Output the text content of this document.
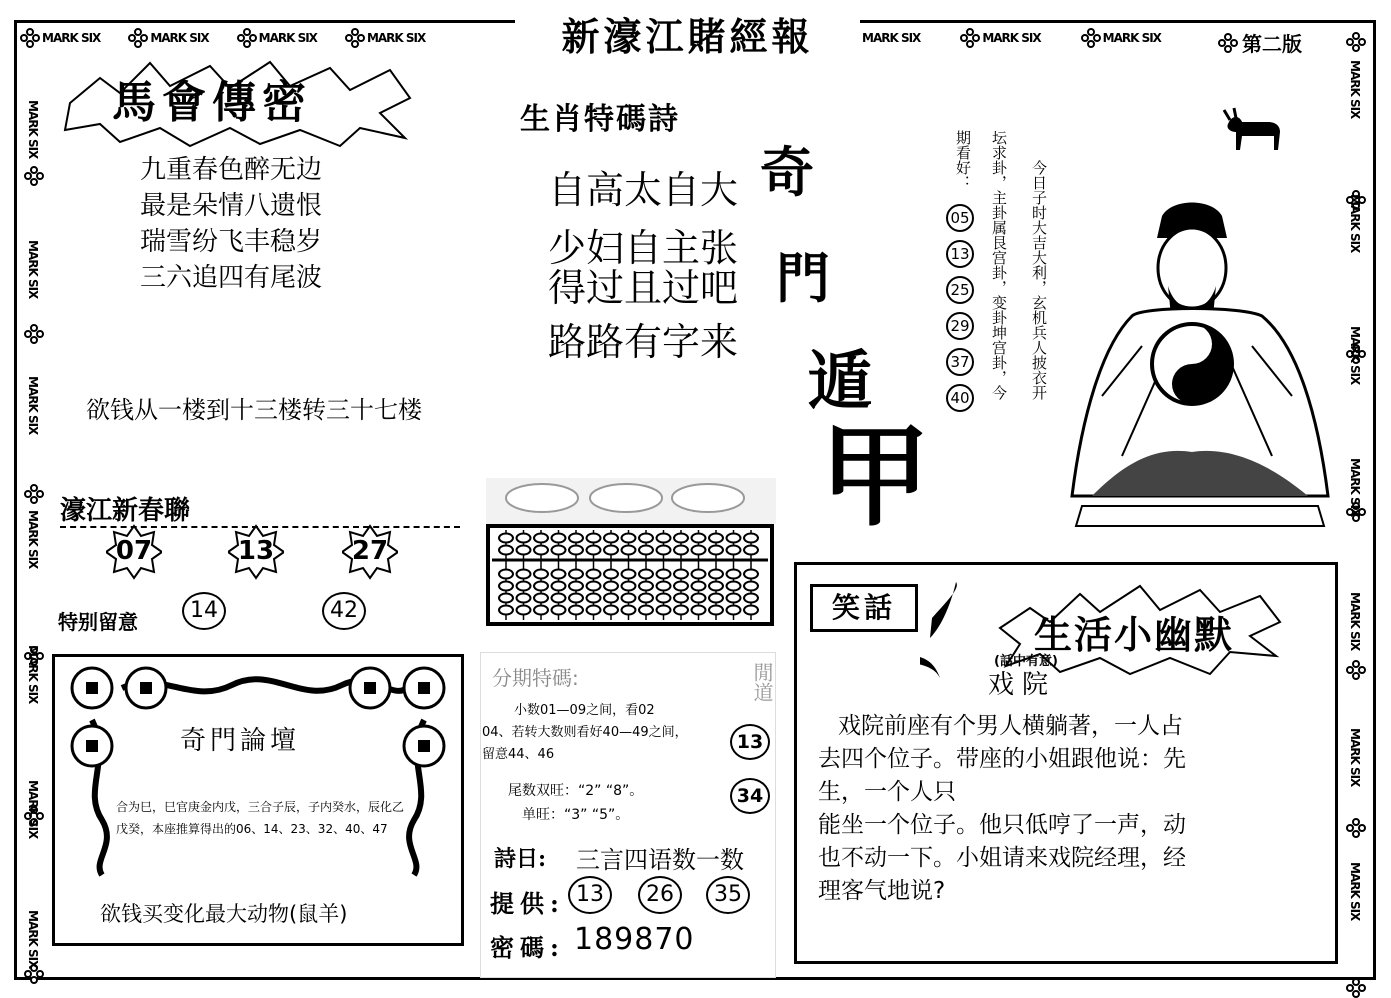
MARK SIX	MARK SIX	MARK SIX	MARK SIX	MARK SIX	MARK SIX	MARK SIX	第二版
新濠江賭經報
MARK SIX

MARK SIX

MARK SIX

MARK SIX

MARK SIX

MARK SIX
MARK SIX

MARK SIX

MARK SIX

MARK SIX

MARK SIX

MARK SIX

MARK SIX
MARK SIX
馬會傳密
九重春色醉无边
最是朵情八遗恨
瑞雪纷飞丰稳岁
三六追四有尾波
欲钱从一楼到十三楼转三十七楼
濠江新春聯
07	13	27
特别留意	14	42
奇門論壇
合为巳，巳官庚金内戊，三合子辰，子内癸水，辰化乙戊癸，本座推算得出的06、14、23、32、40、47
欲钱买变化最大动物(鼠羊)
生肖特碼詩
自高太自大
少妇自主张
得过且过吧
路路有字来
奇
門
遁
甲
今日子时大吉大利，玄机兵人披衣开
坛求卦，主卦属艮宫卦，变卦坤宫卦，今
期看好：
05
13
25
29
37
40
分期特碼:	閒道
小数01—09之间，看02
04、若转大数则看好40—49之间，
留意44、46
尾数双旺：“2” “8”。
单旺：“3” “5”。
13
34
詩日: 三言四语数一数
提供: 13	26	35
密碼: 189870
笑話
生活小幽默
(話中有意)
戏院
戏院前座有个男人横躺著，一人占
去四个位子。带座的小姐跟他说：先
生，一个人只
能坐一个位子。他只低哼了一声，动
也不动一下。小姐请来戏院经理，经
理客气地说?
